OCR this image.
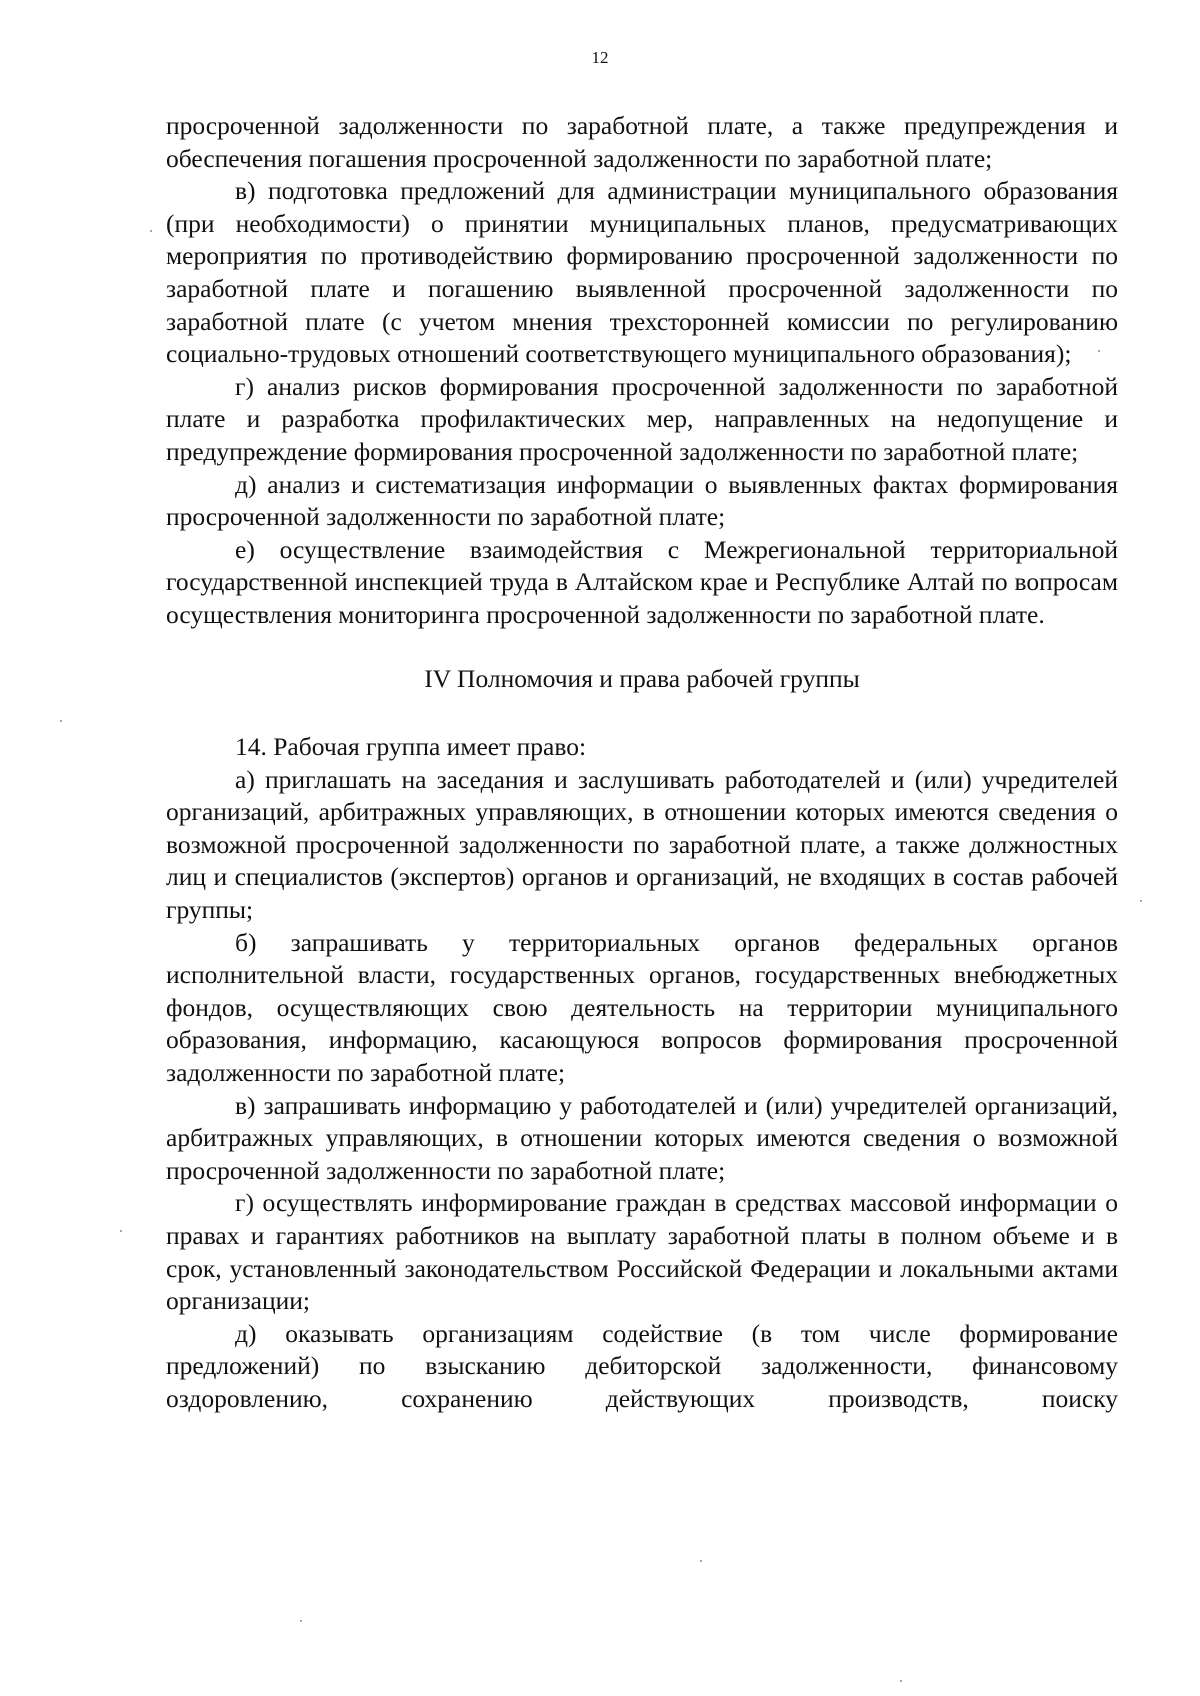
12

просроченной задолженности по заработной плате, а также предупреждения и обеспечения погашения просроченной задолженности по заработной плате;

в) подготовка предложений для администрации муниципального образования (при необходимости) о принятии муниципальных планов, предусматривающих мероприятия по противодействию формированию просроченной задолженности по заработной плате и погашению выявленной просроченной задолженности по заработной плате (с учетом мнения трехсторонней комиссии по регулированию социально-трудовых отношений соответствующего муниципального образования);

г) анализ рисков формирования просроченной задолженности по заработной плате и разработка профилактических мер, направленных на недопущение и предупреждение формирования просроченной задолженности по заработной плате;

д) анализ и систематизация информации о выявленных фактах формирования просроченной задолженности по заработной плате;

е) осуществление взаимодействия с Межрегиональной территориальной государственной инспекцией труда в Алтайском крае и Республике Алтай по вопросам осуществления мониторинга просроченной задолженности по заработной плате.

IV Полномочия и права рабочей группы

14. Рабочая группа имеет право:

а) приглашать на заседания и заслушивать работодателей и (или) учредителей организаций, арбитражных управляющих, в отношении которых имеются сведения о возможной просроченной задолженности по заработной плате, а также должностных лиц и специалистов (экспертов) органов и организаций, не входящих в состав рабочей группы;

б) запрашивать у территориальных органов федеральных органов исполнительной власти, государственных органов, государственных внебюджетных фондов, осуществляющих свою деятельность на территории муниципального образования, информацию, касающуюся вопросов формирования просроченной задолженности по заработной плате;

в) запрашивать информацию у работодателей и (или) учредителей организаций, арбитражных управляющих, в отношении которых имеются сведения о возможной просроченной задолженности по заработной плате;

г) осуществлять информирование граждан в средствах массовой информации о правах и гарантиях работников на выплату заработной платы в полном объеме и в срок, установленный законодательством Российской Федерации и локальными актами организации;

д) оказывать организациям содействие (в том числе формирование предложений) по взысканию дебиторской задолженности, финансовому оздоровлению, сохранению действующих производств, поиску
